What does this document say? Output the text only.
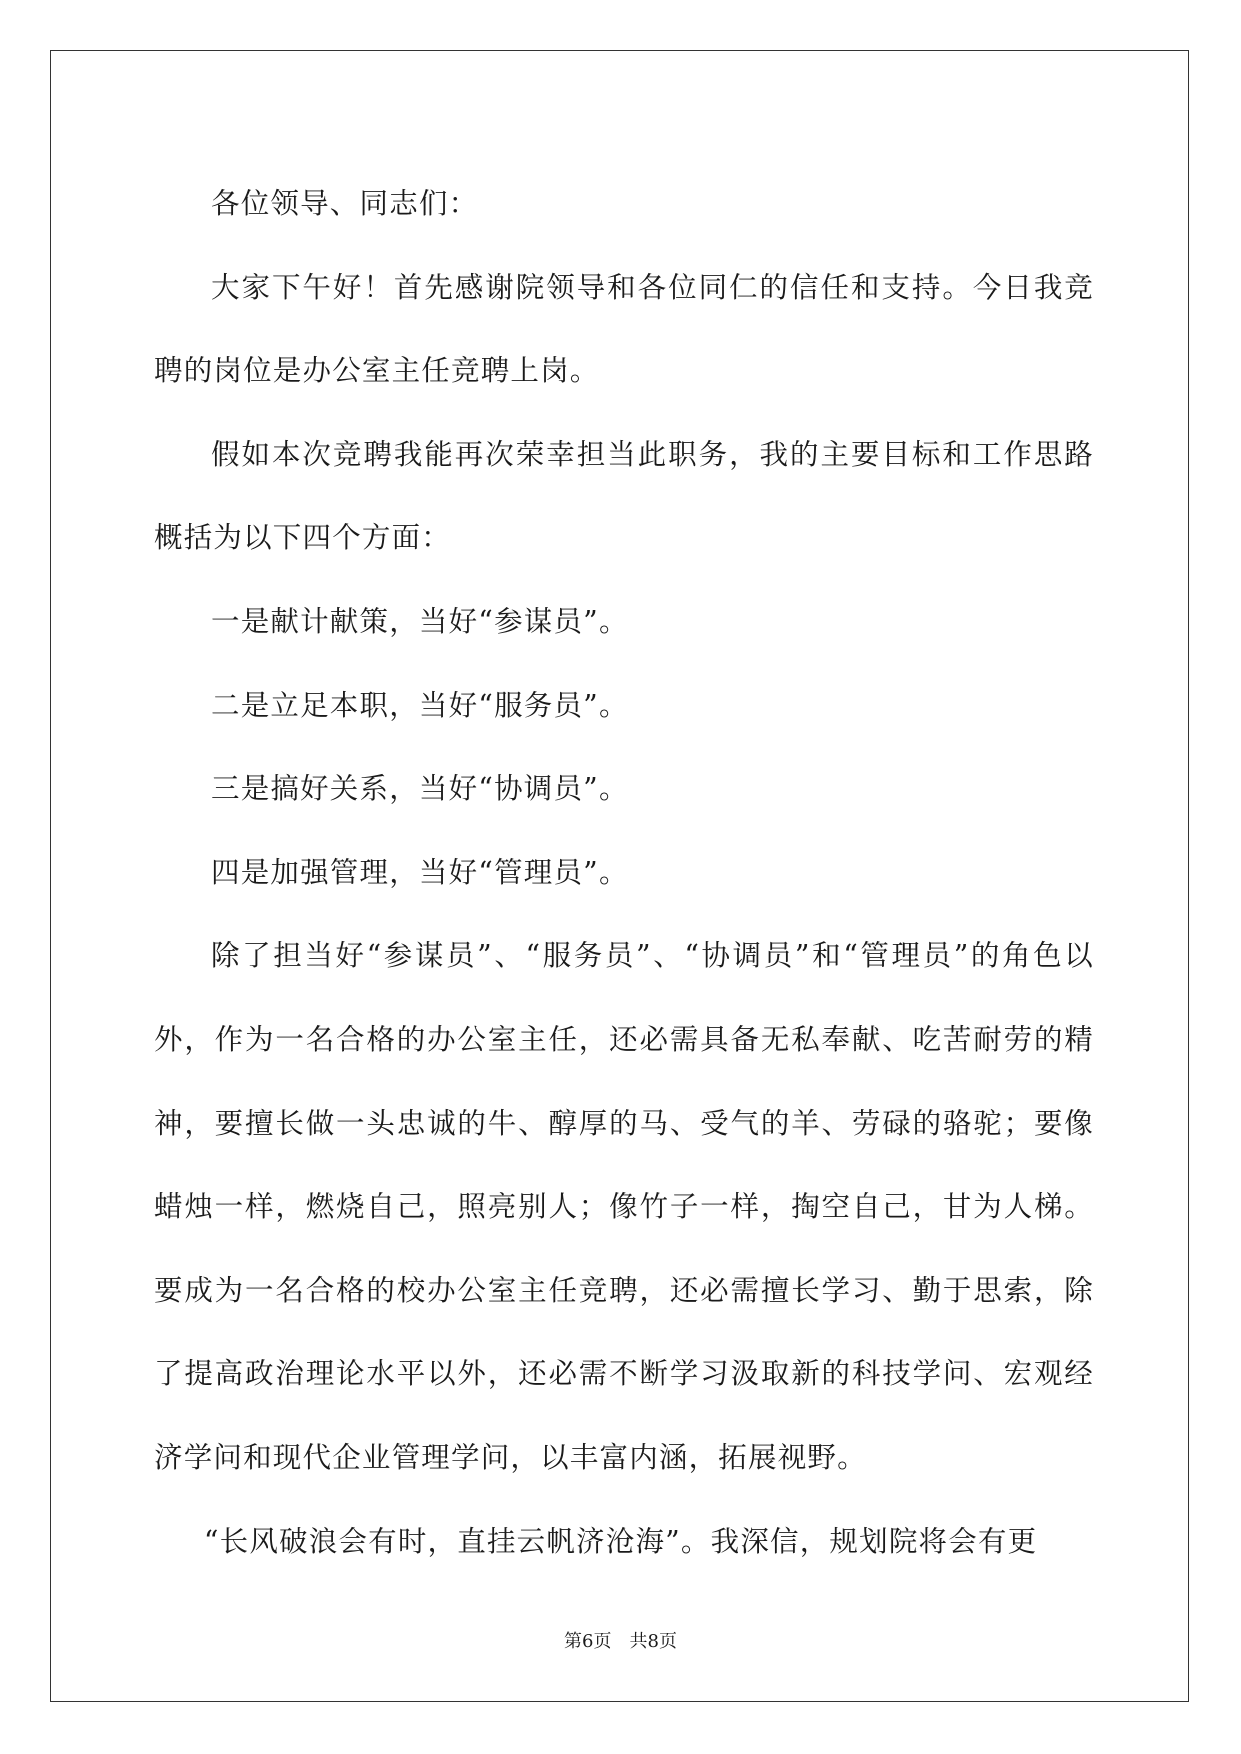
各位领导、同志们：

大家下午好！首先感谢院领导和各位同仁的信任和支持。今日我竞聘的岗位是办公室主任竞聘上岗。

假如本次竞聘我能再次荣幸担当此职务，我的主要目标和工作思路概括为以下四个方面：

一是献计献策，当好“参谋员”。

二是立足本职，当好“服务员”。

三是搞好关系，当好“协调员”。

四是加强管理，当好“管理员”。

除了担当好“参谋员”、“服务员”、“协调员”和“管理员”的角色以外，作为一名合格的办公室主任，还必需具备无私奉献、吃苦耐劳的精神，要擅长做一头忠诚的牛、醇厚的马、受气的羊、劳碌的骆驼；要像蜡烛一样，燃烧自己，照亮别人；像竹子一样，掏空自己，甘为人梯。要成为一名合格的校办公室主任竞聘，还必需擅长学习、勤于思索，除了提高政治理论水平以外，还必需不断学习汲取新的科技学问、宏观经济学问和现代企业管理学问，以丰富内涵，拓展视野。

“长风破浪会有时，直挂云帆济沧海”。我深信，规划院将会有更

第6页 共8页
